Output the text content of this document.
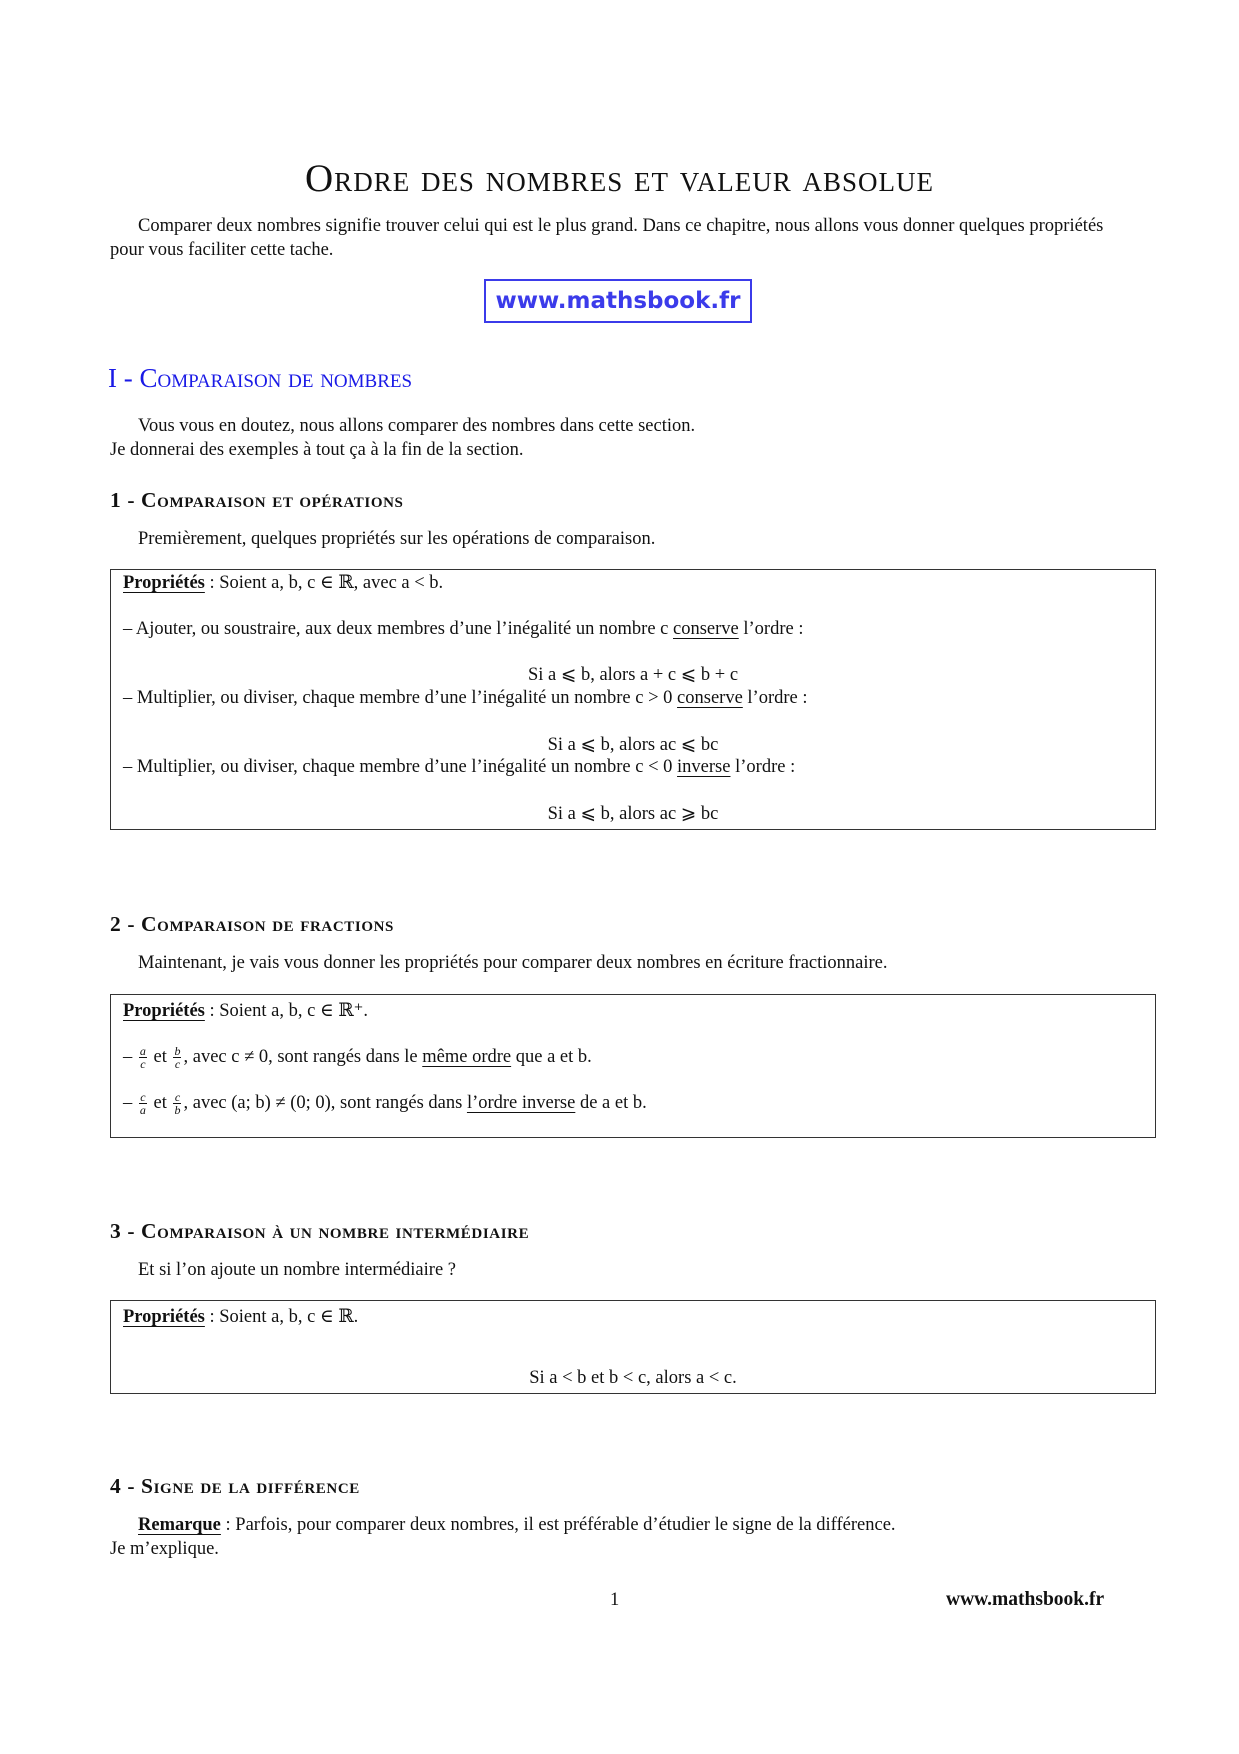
Ordre des nombres et valeur absolue
Comparer deux nombres signifie trouver celui qui est le plus grand. Dans ce chapitre, nous allons vous donner quelques propriétés pour vous faciliter cette tache.
www.mathsbook.fr
I - Comparaison de nombres
Vous vous en doutez, nous allons comparer des nombres dans cette section.
Je donnerai des exemples à tout ça à la fin de la section.
1 - Comparaison et opérations
Premièrement, quelques propriétés sur les opérations de comparaison.
Propriétés : Soient a, b, c ∈ ℝ, avec a < b.
– Ajouter, ou soustraire, aux deux membres d’une l’inégalité un nombre c conserve l’ordre :
Si a ⩽ b, alors a + c ⩽ b + c
– Multiplier, ou diviser, chaque membre d’une l’inégalité un nombre c > 0 conserve l’ordre :
Si a ⩽ b, alors ac ⩽ bc
– Multiplier, ou diviser, chaque membre d’une l’inégalité un nombre c < 0 inverse l’ordre :
Si a ⩽ b, alors ac ⩾ bc
2 - Comparaison de fractions
Maintenant, je vais vous donner les propriétés pour comparer deux nombres en écriture fractionnaire.
Propriétés : Soient a, b, c ∈ ℝ⁺.
– $\frac{a}{c}$ et $\frac{b}{c}$ , avec c ≠ 0, sont rangés dans le même ordre que a et b.
– $\frac{c}{a}$ et $\frac{c}{b}$ , avec (a; b) ≠ (0; 0), sont rangés dans l’ordre inverse de a et b.
3 - Comparaison à un nombre intermédiaire
Et si l’on ajoute un nombre intermédiaire ?
Propriétés : Soient a, b, c ∈ ℝ.
Si a < b et b < c, alors a < c.
4 - Signe de la différence
Remarque : Parfois, pour comparer deux nombres, il est préférable d’étudier le signe de la différence.
Je m’explique.
1	www.mathsbook.fr
